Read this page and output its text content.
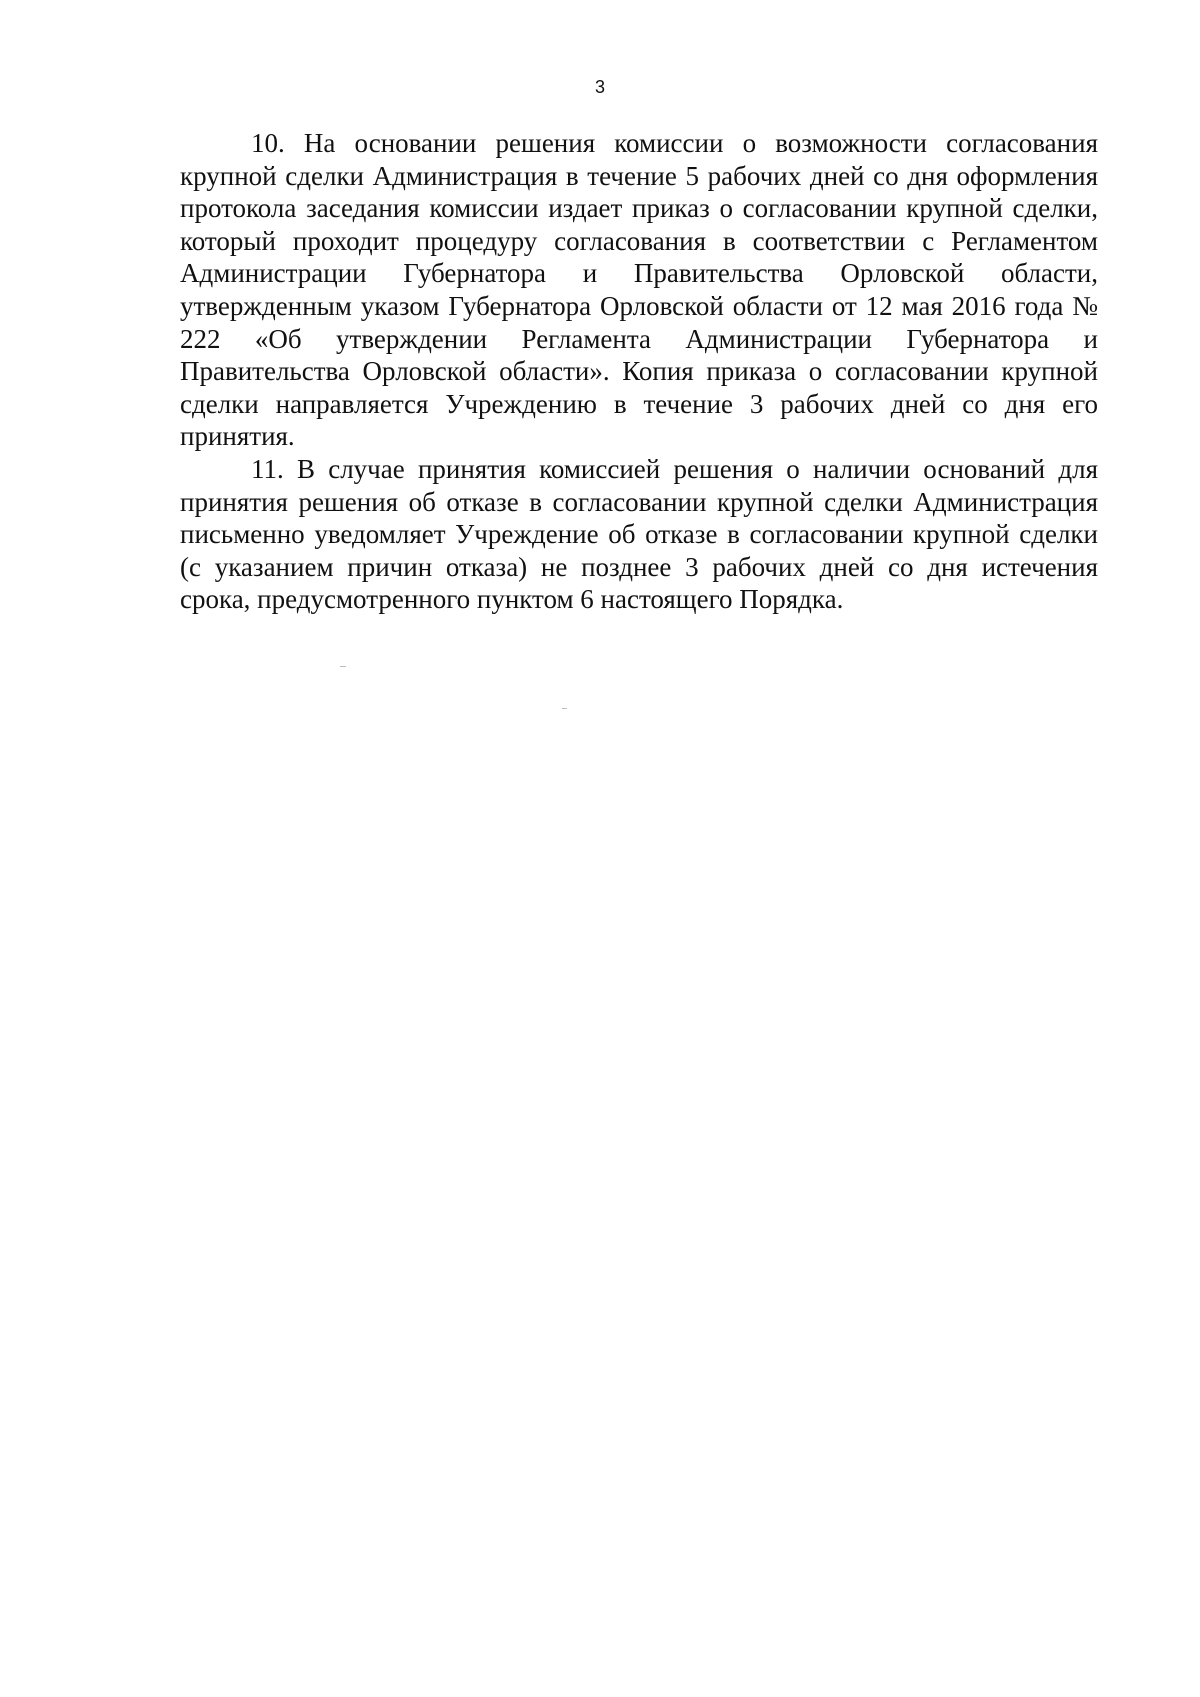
3

10. На основании решения комиссии о возможности согласования крупной сделки Администрация в течение 5 рабочих дней со дня оформления протокола заседания комиссии издает приказ о согласовании крупной сделки, который проходит процедуру согласования в соответствии с Регламентом Администрации Губернатора и Правительства Орловской области, утвержденным указом Губернатора Орловской области от 12 мая 2016 года № 222 «Об утверждении Регламента Администрации Губернатора и Правительства Орловской области». Копия приказа о согласовании крупной сделки направляется Учреждению в течение 3 рабочих дней со дня его принятия.

11. В случае принятия комиссией решения о наличии оснований для принятия решения об отказе в согласовании крупной сделки Администрация письменно уведомляет Учреждение об отказе в согласовании крупной сделки (с указанием причин отказа) не позднее 3 рабочих дней со дня истечения срока, предусмотренного пунктом 6 настоящего Порядка.
